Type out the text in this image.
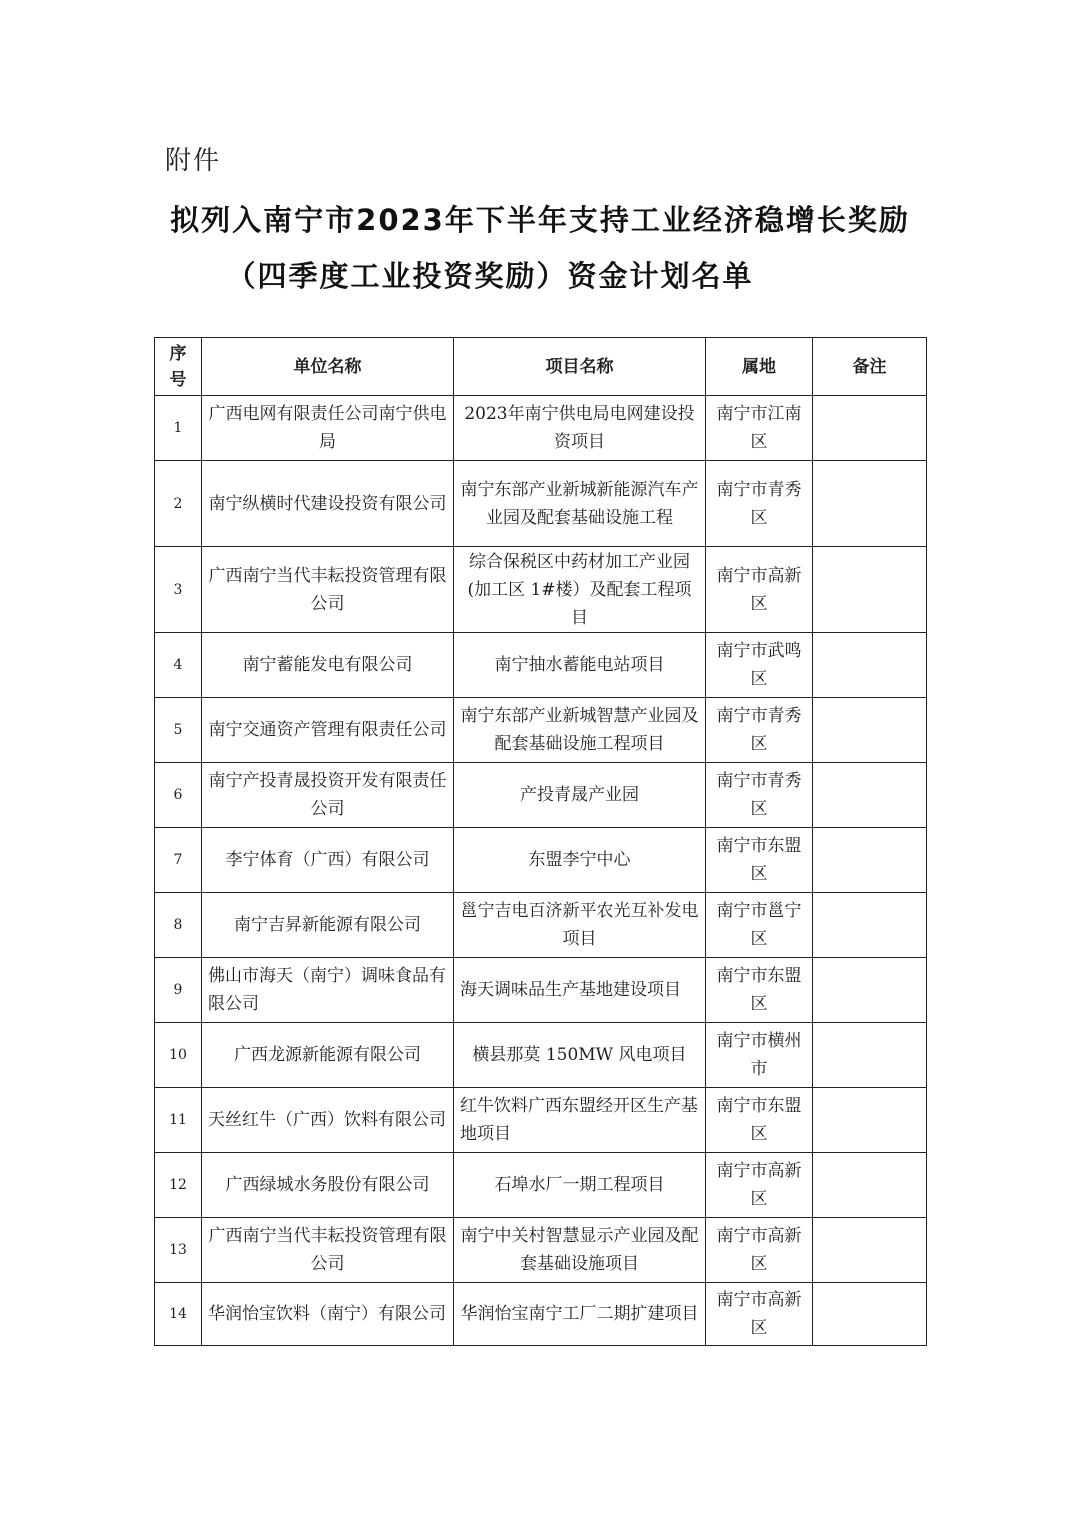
附件
拟列入南宁市2023年下半年支持工业经济稳增长奖励
（四季度工业投资奖励）资金计划名单
序号	单位名称	项目名称	属地	备注
1	广西电网有限责任公司南宁供电局	2023年南宁供电局电网建设投资项目	南宁市江南区	
2	南宁纵横时代建设投资有限公司	南宁东部产业新城新能源汽车产业园及配套基础设施工程	南宁市青秀区	
3	广西南宁当代丰耘投资管理有限公司	综合保税区中药材加工产业园(加工区 1#楼）及配套工程项目	南宁市高新区	
4	南宁蓄能发电有限公司	南宁抽水蓄能电站项目	南宁市武鸣区	
5	南宁交通资产管理有限责任公司	南宁东部产业新城智慧产业园及配套基础设施工程项目	南宁市青秀区	
6	南宁产投青晟投资开发有限责任公司	产投青晟产业园	南宁市青秀区	
7	李宁体育（广西）有限公司	东盟李宁中心	南宁市东盟区	
8	南宁吉昇新能源有限公司	邕宁吉电百济新平农光互补发电项目	南宁市邕宁区	
9	佛山市海天（南宁）调味食品有限公司	海天调味品生产基地建设项目	南宁市东盟区	
10	广西龙源新能源有限公司	横县那莫 150MW 风电项目	南宁市横州市	
11	天丝红牛（广西）饮料有限公司	红牛饮料广西东盟经开区生产基地项目	南宁市东盟区	
12	广西绿城水务股份有限公司	石埠水厂一期工程项目	南宁市高新区	
13	广西南宁当代丰耘投资管理有限公司	南宁中关村智慧显示产业园及配套基础设施项目	南宁市高新区	
14	华润怡宝饮料（南宁）有限公司	华润怡宝南宁工厂二期扩建项目	南宁市高新区	
